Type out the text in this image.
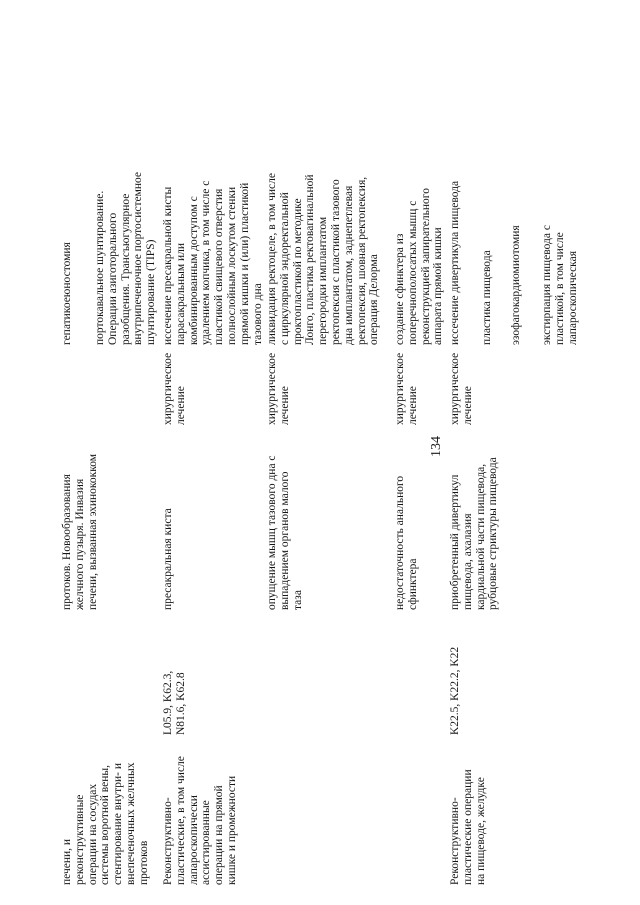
134
печени, и реконструктивные операции на сосудах системы воротной вены, стентирование внутри- и внепеченочных желчных протоков
протоков. Новообразования желчного пузыря. Инвазия печени, вызванная эхинококком
гепатикоеюностомия портокавальное шунтирование. Операции азиготорального разобщения. Трансъюгулярное внутрипеченочное портосистемное шунтирование (TIPS)
Реконструктивно- пластические, в том числе лапароскопически ассистированные операции на прямой кишке и промежности
L05.9, K62.3, N81.6, K62.8
пресакральная киста
хирургическое лечение
иссечение пресакральной кисты парасакральным или комбинированным доступом с удалением копчика, в том числе с пластикой свищевого отверстия полнослойным лоскутом стенки прямой кишки и (или) пластикой тазового дна
опущение мышц тазового дна с выпадением органов малого таза
хирургическое лечение
ликвидация ректоцеле, в том числе с циркулярной эндоректальной проктопластикой по методике Лонго, пластика ректовагинальной перегородки имплантатом ректопексия с пластикой тазового дна имплантатом, заднепетлевая ректопексия, шовная ректопексия, операция Делорма
недостаточность анального сфинктера
хирургическое лечение
создание сфинктера из поперечнополосатых мышц с реконструкцией запирательного аппарата прямой кишки
Реконструктивно- пластические операции на пищеводе, желудке
K22.5, K22.2, K22
приобретенный дивертикул пищевода, ахалазия кардиальной части пищевода, рубцовые стриктуры пищевода
хирургическое лечение
иссечение дивертикула пищевода пластика пищевода эзофагокардиомиотомия экстирпация пищевода с пластикой, в том числе лапароскопическая
